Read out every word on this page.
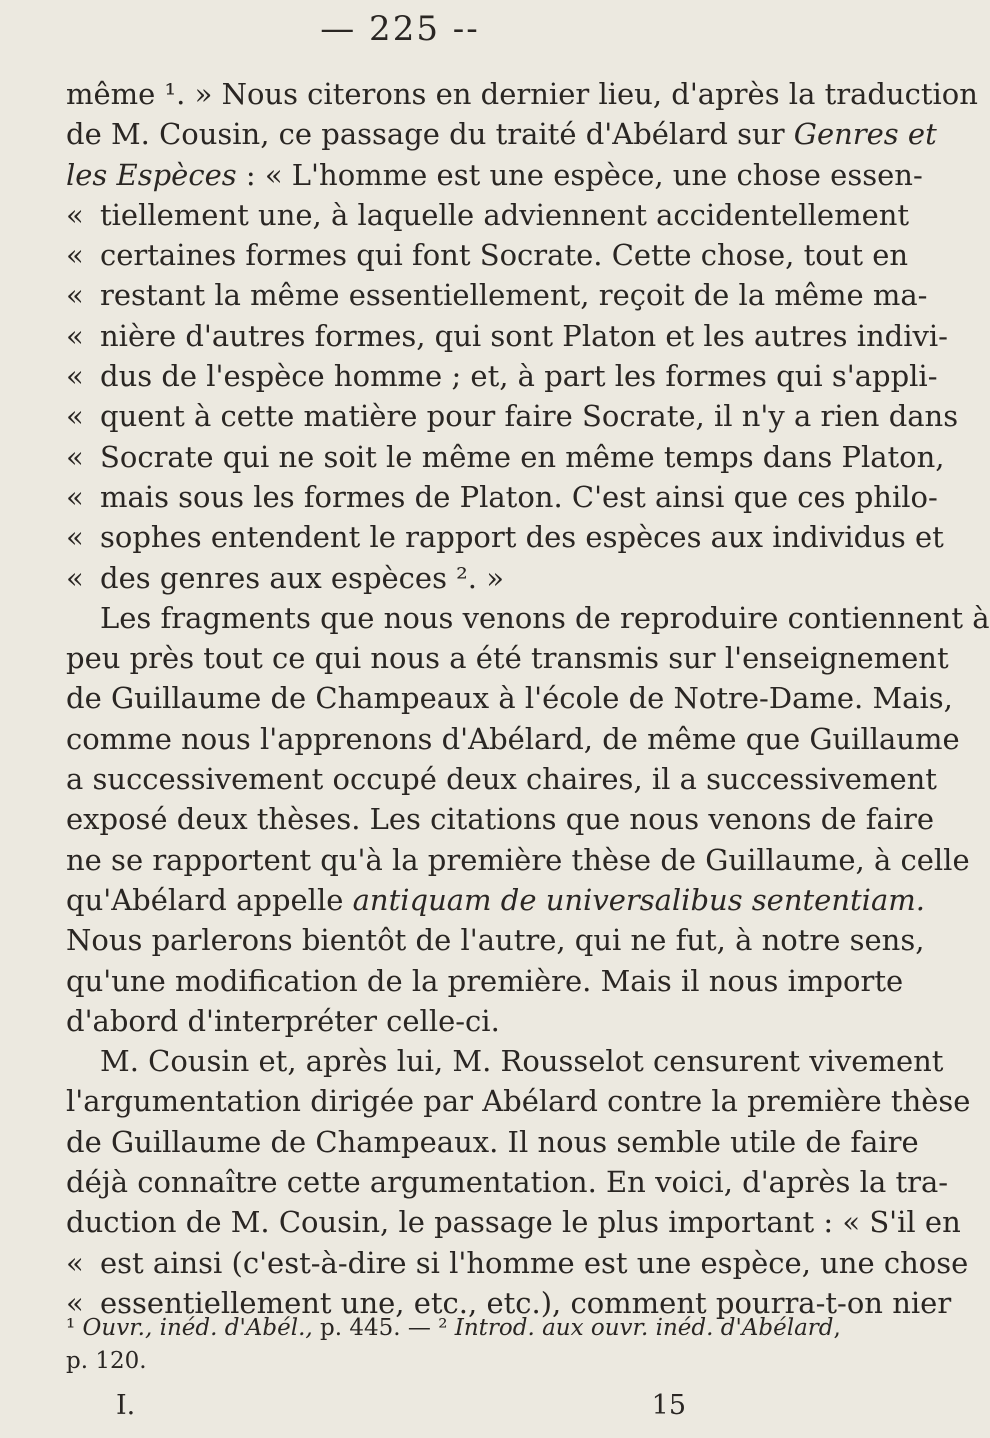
— 225 --
même ¹. » Nous citerons en dernier lieu, d'après la traduction
de M. Cousin, ce passage du traité d'Abélard sur Genres et
les Espèces : « L'homme est une espèce, une chose essen-
« tiellement une, à laquelle adviennent accidentellement
« certaines formes qui font Socrate. Cette chose, tout en
« restant la même essentiellement, reçoit de la même ma-
« nière d'autres formes, qui sont Platon et les autres indivi-
« dus de l'espèce homme ; et, à part les formes qui s'appli-
« quent à cette matière pour faire Socrate, il n'y a rien dans
« Socrate qui ne soit le même en même temps dans Platon,
« mais sous les formes de Platon. C'est ainsi que ces philo-
« sophes entendent le rapport des espèces aux individus et
« des genres aux espèces ². »
Les fragments que nous venons de reproduire contiennent à
peu près tout ce qui nous a été transmis sur l'enseignement
de Guillaume de Champeaux à l'école de Notre-Dame. Mais,
comme nous l'apprenons d'Abélard, de même que Guillaume
a successivement occupé deux chaires, il a successivement
exposé deux thèses. Les citations que nous venons de faire
ne se rapportent qu'à la première thèse de Guillaume, à celle
qu'Abélard appelle antiquam de universalibus sententiam.
Nous parlerons bientôt de l'autre, qui ne fut, à notre sens,
qu'une modification de la première. Mais il nous importe
d'abord d'interpréter celle-ci.
M. Cousin et, après lui, M. Rousselot censurent vivement
l'argumentation dirigée par Abélard contre la première thèse
de Guillaume de Champeaux. Il nous semble utile de faire
déjà connaître cette argumentation. En voici, d'après la tra-
duction de M. Cousin, le passage le plus important : « S'il en
« est ainsi (c'est-à-dire si l'homme est une espèce, une chose
« essentiellement une, etc., etc.), comment pourra-t-on nier
¹ Ouvr., inéd. d'Abél., p. 445. — ² Introd. aux ouvr. inéd. d'Abélard,
p. 120.
I.	15
